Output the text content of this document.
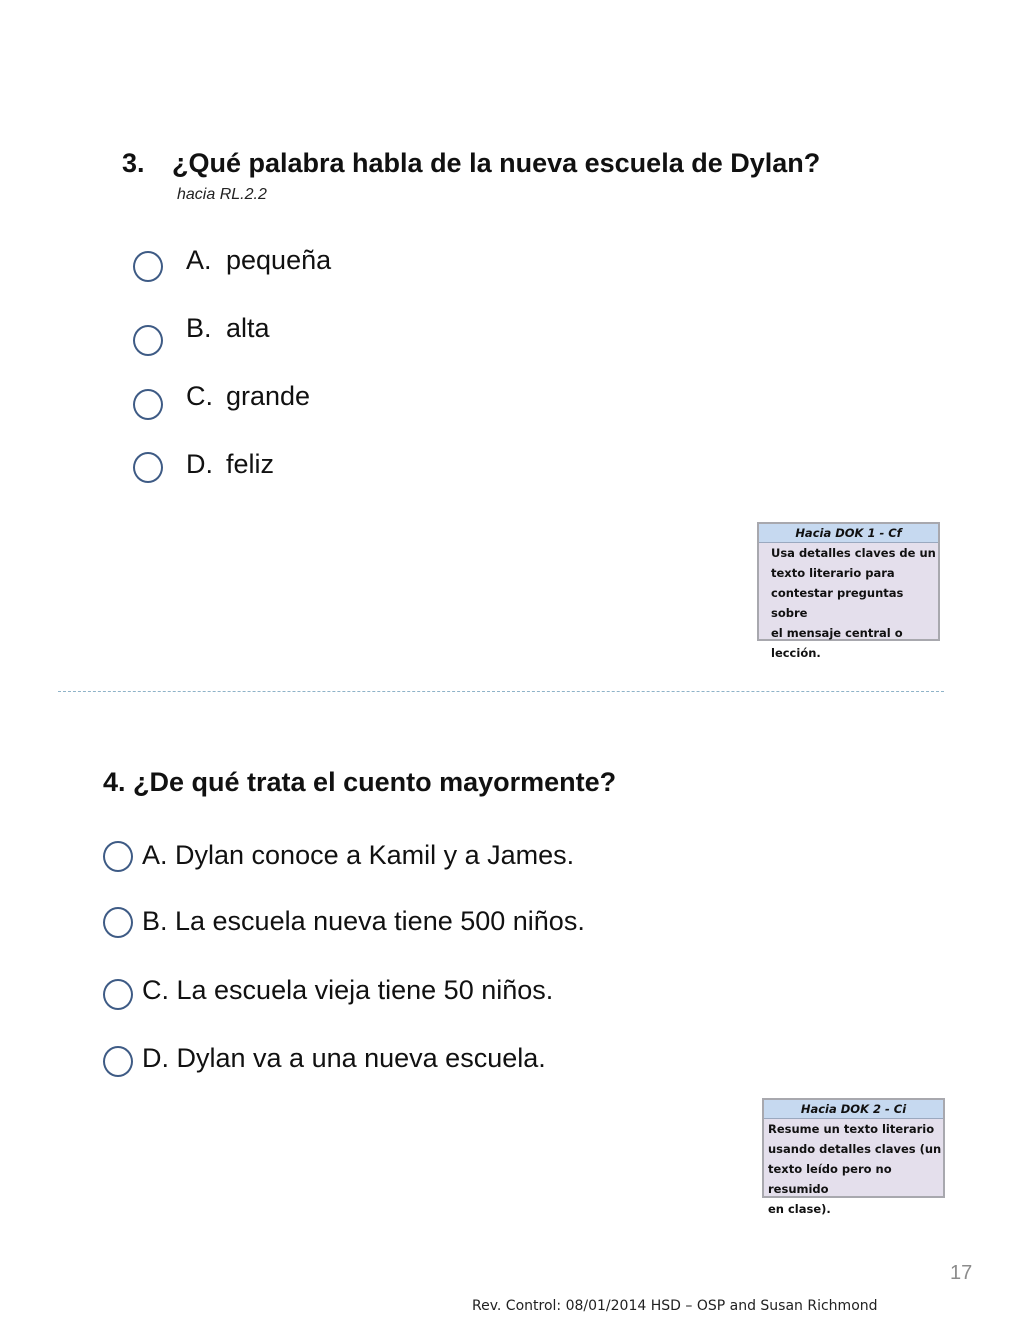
3. ¿Qué palabra habla de la nueva escuela de Dylan?
hacia RL.2.2
A. pequeña
B. alta
C. grande
D. feliz
Hacia DOK 1 - Cf
Usa detalles claves de un
texto literario para
contestar preguntas sobre
el mensaje central o
lección.
4. ¿De qué trata el cuento mayormente?
A. Dylan conoce a Kamil y a James.
B. La escuela nueva tiene 500 niños.
C. La escuela vieja tiene 50 niños.
D. Dylan va a una nueva escuela.
Hacia DOK 2 - Ci
Resume un texto literario
usando detalles claves (un
texto leído pero no resumido
en clase).
17
Rev. Control: 08/01/2014 HSD – OSP and Susan Richmond
